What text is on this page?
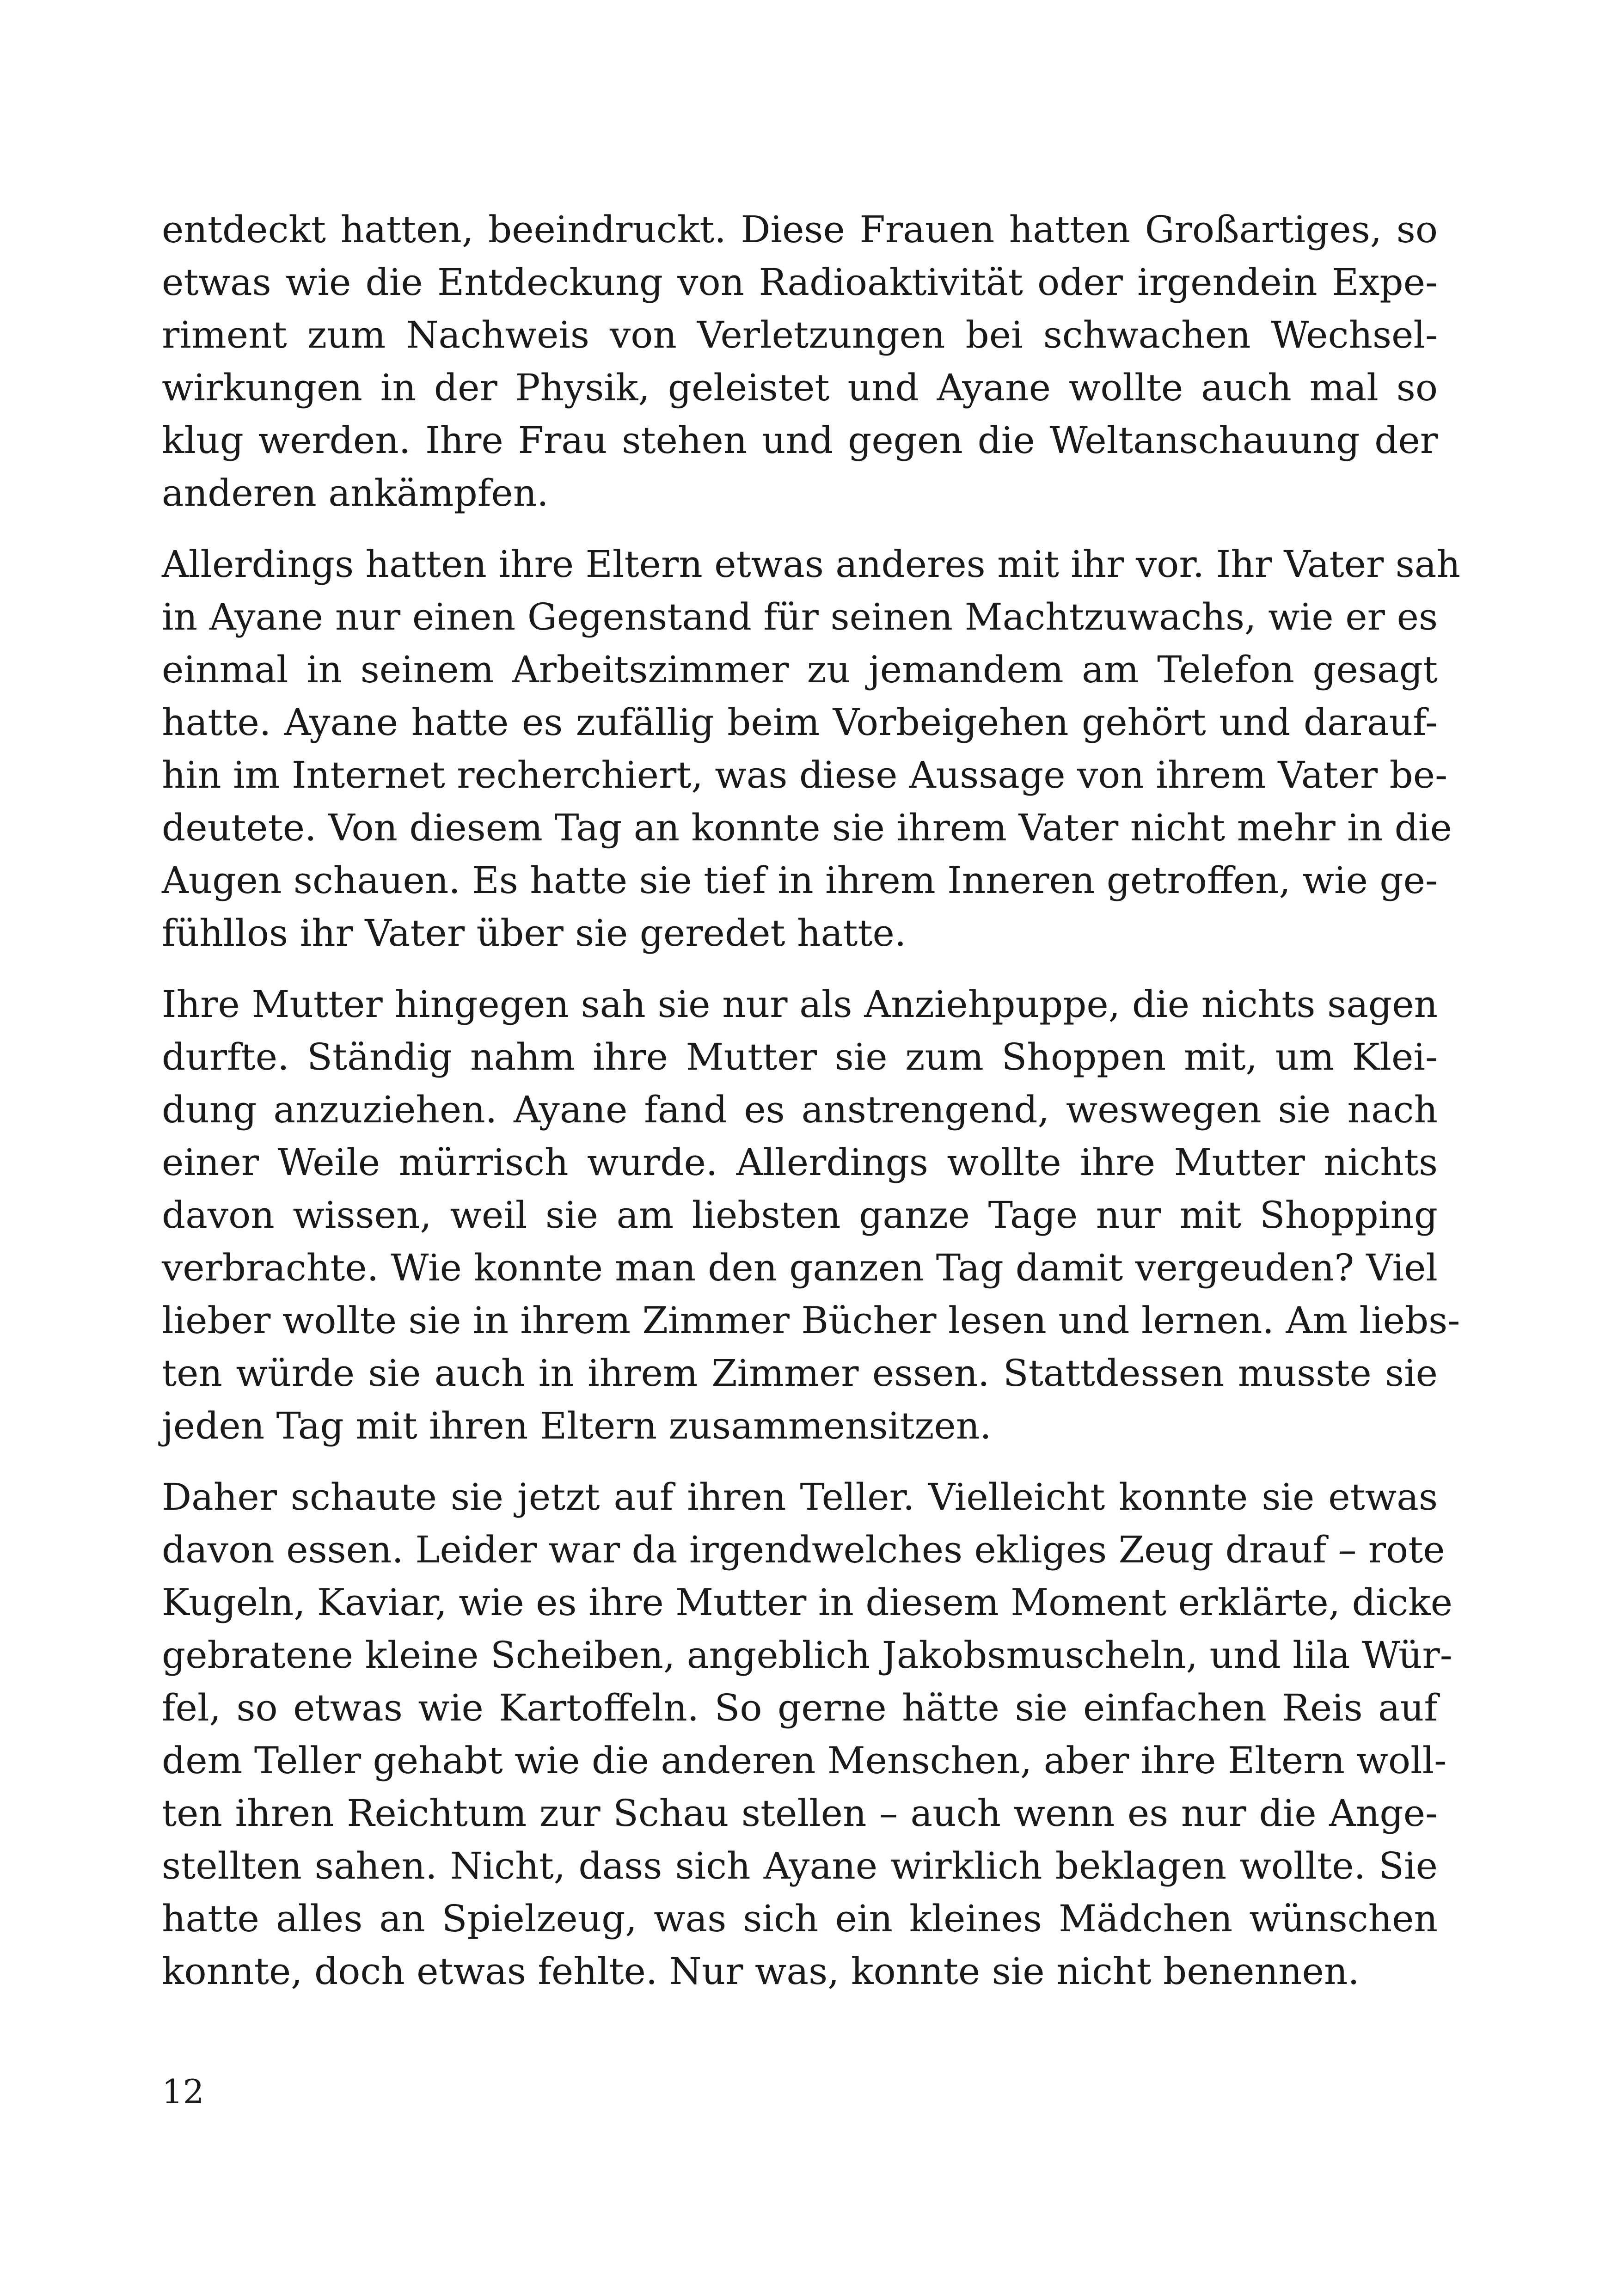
entdeckt hatten, beeindruckt. Diese Frauen hatten Großartiges, so
etwas wie die Entdeckung von Radioaktivität oder irgendein Expe-
riment zum Nachweis von Verletzungen bei schwachen Wechsel-
wirkungen in der Physik, geleistet und Ayane wollte auch mal so
klug werden. Ihre Frau stehen und gegen die Weltanschauung der
anderen ankämpfen.

Allerdings hatten ihre Eltern etwas anderes mit ihr vor. Ihr Vater sah
in Ayane nur einen Gegenstand für seinen Machtzuwachs, wie er es
einmal in seinem Arbeitszimmer zu jemandem am Telefon gesagt
hatte. Ayane hatte es zufällig beim Vorbeigehen gehört und darauf-
hin im Internet recherchiert, was diese Aussage von ihrem Vater be-
deutete. Von diesem Tag an konnte sie ihrem Vater nicht mehr in die
Augen schauen. Es hatte sie tief in ihrem Inneren getroffen, wie ge-
fühllos ihr Vater über sie geredet hatte.

Ihre Mutter hingegen sah sie nur als Anziehpuppe, die nichts sagen
durfte. Ständig nahm ihre Mutter sie zum Shoppen mit, um Klei-
dung anzuziehen. Ayane fand es anstrengend, weswegen sie nach
einer Weile mürrisch wurde. Allerdings wollte ihre Mutter nichts
davon wissen, weil sie am liebsten ganze Tage nur mit Shopping
verbrachte. Wie konnte man den ganzen Tag damit vergeuden? Viel
lieber wollte sie in ihrem Zimmer Bücher lesen und lernen. Am liebs-
ten würde sie auch in ihrem Zimmer essen. Stattdessen musste sie
jeden Tag mit ihren Eltern zusammensitzen.

Daher schaute sie jetzt auf ihren Teller. Vielleicht konnte sie etwas
davon essen. Leider war da irgendwelches ekliges Zeug drauf – rote
Kugeln, Kaviar, wie es ihre Mutter in diesem Moment erklärte, dicke
gebratene kleine Scheiben, angeblich Jakobsmuscheln, und lila Wür-
fel, so etwas wie Kartoffeln. So gerne hätte sie einfachen Reis auf
dem Teller gehabt wie die anderen Menschen, aber ihre Eltern woll-
ten ihren Reichtum zur Schau stellen – auch wenn es nur die Ange-
stellten sahen. Nicht, dass sich Ayane wirklich beklagen wollte. Sie
hatte alles an Spielzeug, was sich ein kleines Mädchen wünschen
konnte, doch etwas fehlte. Nur was, konnte sie nicht benennen.

12
